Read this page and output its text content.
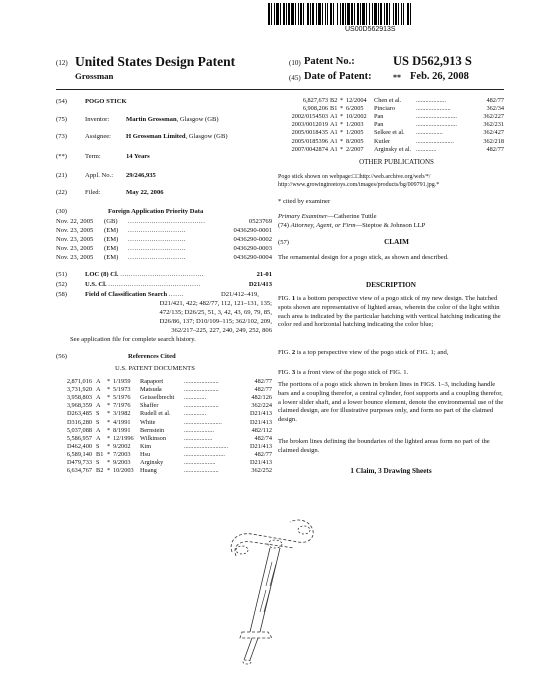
US00D562913S
(12) United States Design Patent
Grossman
(10) Patent No.:	US D562,913 S
(45) Date of Patent:	** Feb. 26, 2008
(54)	POGO STICK
(75)	Inventor:	Martin Grossman, Glasgow (GB)
(73)	Assignee: H Grossman Limited, Glasgow (GB)
(**)	Term:	14 Years
(21)	Appl. No.: 29/246,935
(22)	Filed:	May 22, 2006
(30)	Foreign Application Priority Data
Nov. 22, 2005 (GB) ....................................	0523769
Nov. 23, 2005 (EM) ...........................	0436290-0001
Nov. 23, 2005 (EM) ...........................	0436290-0002
Nov. 23, 2005 (EM) ...........................	0436290-0003
Nov. 23, 2005 (EM) ...........................	0436290-0004
(51)	LOC (8) Cl. .......................................	21-01
(52)	U.S. Cl. ...........................................	D21/413
(58)	Field of Classification Search .......	D21/412–419,
D21/421, 422; 482/77, 112, 121–131, 135;
472/135; D26/25, 51, 3, 42, 43, 69, 79, 85,
D26/86, 137; D10/109–115; 362/102, 209,
362/217–225, 227, 240, 249, 252, 806
See application file for complete search history.
(56)	References Cited
U.S. PATENT DOCUMENTS
2,871,016 A	* 1/1959	Rapaport	......................	482/77
3,731,920 A	* 5/1973	Matsuda	......................	482/77
3,958,803 A	* 5/1976	Geisselbrecht	..............	482/126
3,968,359 A	* 7/1976	Shaffer	......................	362/224
D263,485 S	* 3/1982	Rudell et al.	..............	D21/413
D316,280 S	* 4/1991	White	........................	D21/413
5,037,088 A	* 8/1991	Bernstein	...................	482/112
5,586,957 A	* 12/1996	Wilkinson	..................	482/74
D462,400 S	* 9/2002	Kim	............................	D21/413
6,589,140 B1 * 7/2003	Hsu	..........................	482/77
D479,733 S	* 9/2003	Arginsky	....................	D21/413
6,634,767 B2 * 10/2003	Huang	......................	362/252
6,827,673 B2 * 12/2004	Chen et al.	...................	482/77
6,908,206 B1 * 6/2005	Pinciaro	......................	362/34
2002/0154503 A1 * 10/2002	Pan	..........................	362/227
2003/0012019 A1 * 1/2003	Pan	..........................	362/231
2005/0018435 A1 * 1/2005	Selkee et al.	.................	362/427
2005/0185396 A1 * 8/2005	Kutler	........................	362/218
2007/0042874 A1 * 2/2007	Arginsky et al. .............	482/77
OTHER PUBLICATIONS
Pogo stick shown on webpage:□□http://web.archive.org/web/*/
http://www.growingtreetoys.com/images/products/bg/009791.jpg.*
* cited by examiner
Primary Examiner—Catherine Tuttle
(74) Attorney, Agent, or Firm—Steptoe & Johnson LLP
(57)	CLAIM
The ornamental design for a pogo stick, as shown and described.
DESCRIPTION
FIG. 1 is a bottom perspective view of a pogo stick of my new design. The hatched spots shown are representative of lighted areas, wherein the color of the light within each area is indicated by the particular hatching with vertical hatching indicating the color red and horizontal hatching indicating the color blue;
FIG. 2 is a top perspective view of the pogo stick of FIG. 1; and,
FIG. 3 is a front view of the pogo stick of FIG. 1.
The portions of a pogo stick shown in broken lines in FIGS. 1–3, including handle bars and a coupling therefor, a central cylinder, foot supports and a coupling therefor, a lower slider shaft, and a lower bounce element, denote the environmental use of the claimed design, are for illustrative purposes only, and form no part of the claimed design.
The broken lines defining the boundaries of the lighted areas form no part of the claimed design.
1 Claim, 3 Drawing Sheets
